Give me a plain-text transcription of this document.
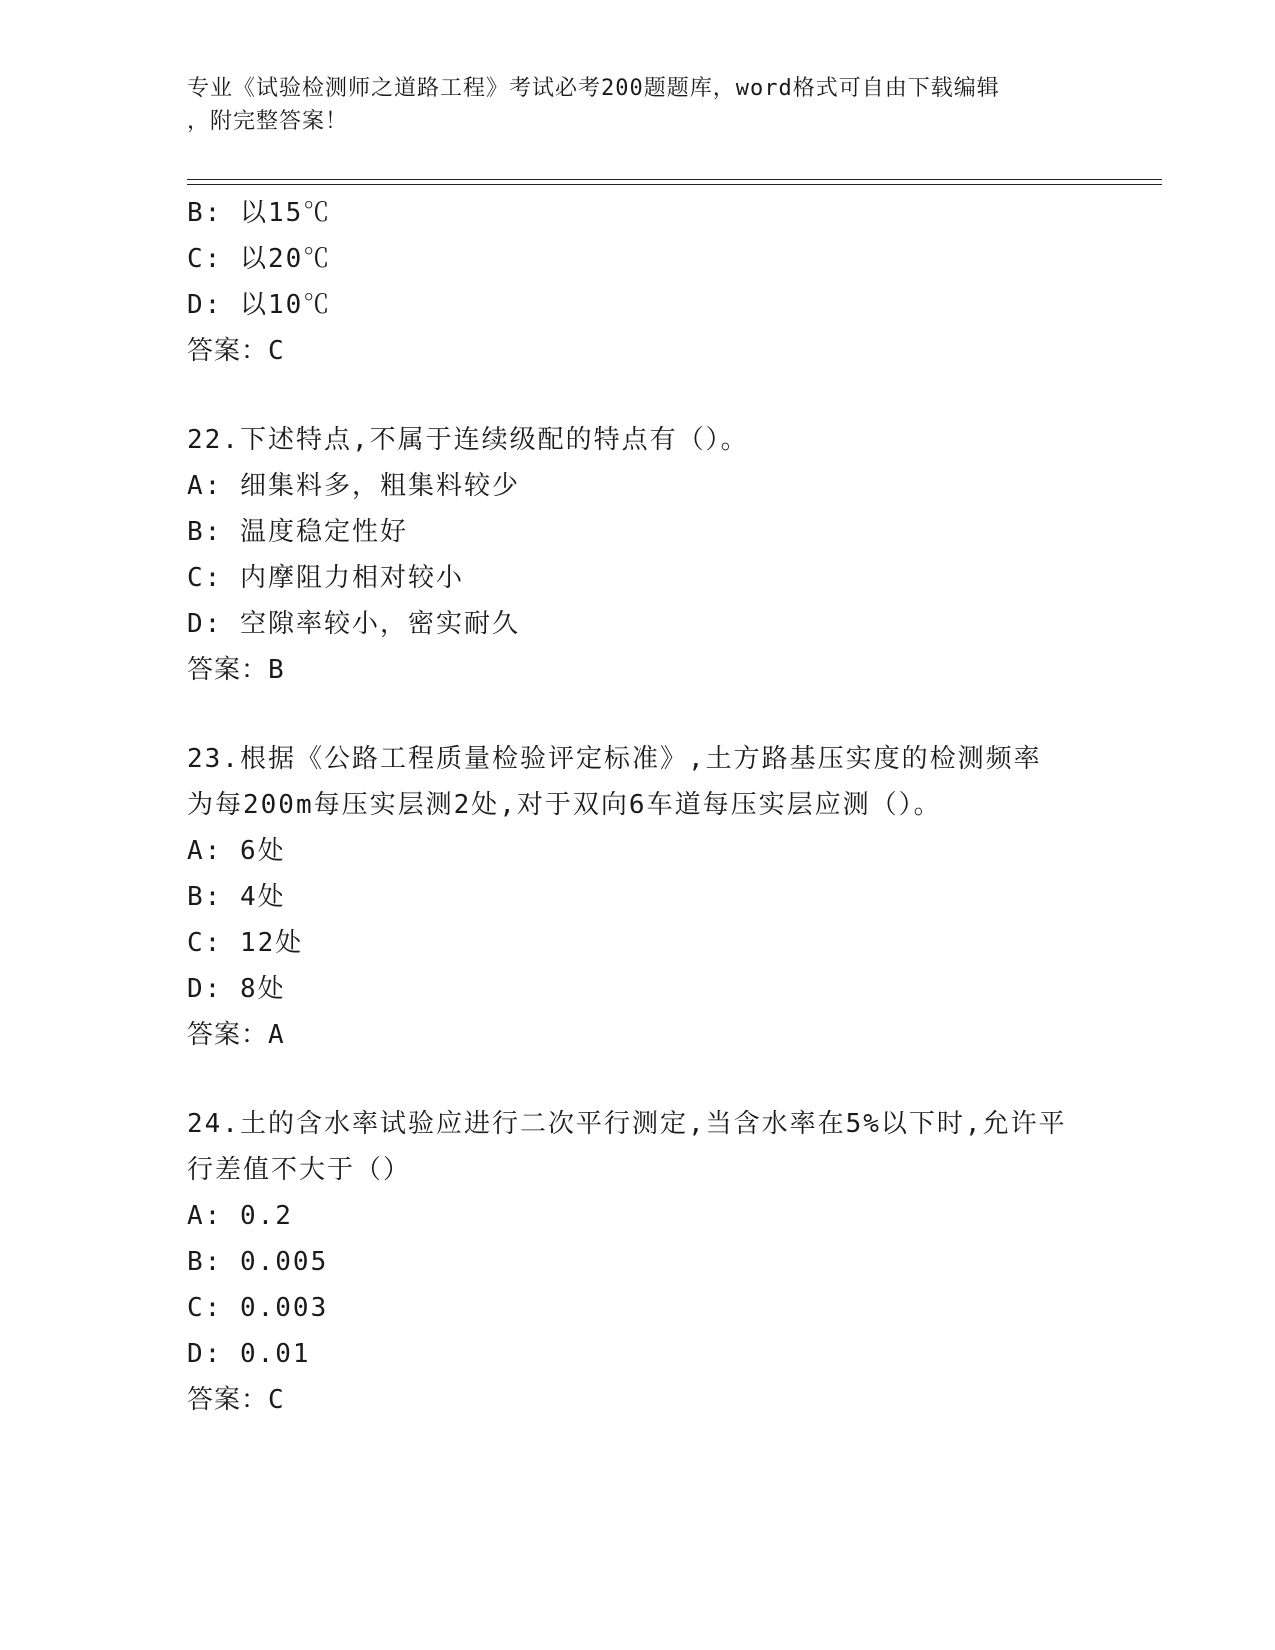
专业《试验检测师之道路工程》考试必考200题题库，word格式可自由下载编辑
，附完整答案！
B: 以15℃
C: 以20℃
D: 以10℃
答案：C
22.下述特点,不属于连续级配的特点有（）。
A: 细集料多，粗集料较少
B: 温度稳定性好
C: 内摩阻力相对较小
D: 空隙率较小，密实耐久
答案：B
23.根据《公路工程质量检验评定标准》,土方路基压实度的检测频率
为每200m每压实层测2处,对于双向6车道每压实层应测（）。
A: 6处
B: 4处
C: 12处
D: 8处
答案：A
24.土的含水率试验应进行二次平行测定,当含水率在5%以下时,允许平
行差值不大于（）
A: 0.2
B: 0.005
C: 0.003
D: 0.01
答案：C
